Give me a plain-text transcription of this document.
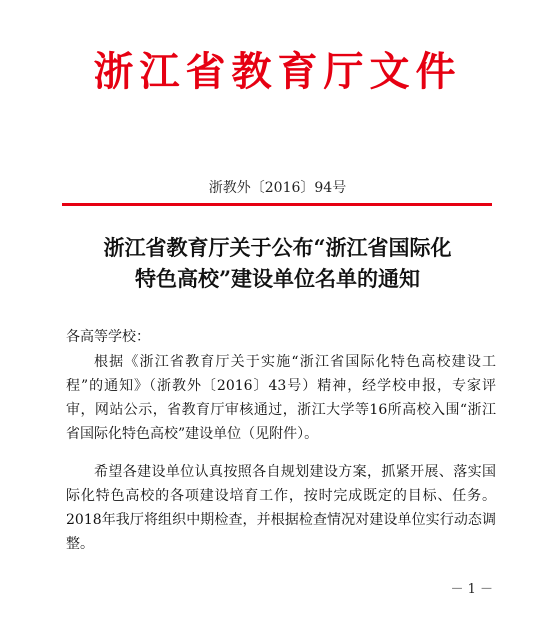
浙江省教育厅文件
浙教外〔2016〕94号
浙江省教育厅关于公布“浙江省国际化
特色高校”建设单位名单的通知
各高等学校：

根据《浙江省教育厅关于实施“浙江省国际化特色高校建设工程”的通知》（浙教外〔2016〕43号）精神，经学校申报，专家评审，网站公示，省教育厅审核通过，浙江大学等16所高校入围“浙江省国际化特色高校”建设单位（见附件）。

希望各建设单位认真按照各自规划建设方案，抓紧开展、落实国际化特色高校的各项建设培育工作，按时完成既定的目标、任务。2018年我厅将组织中期检查，并根据检查情况对建设单位实行动态调整。

－ 1 －
